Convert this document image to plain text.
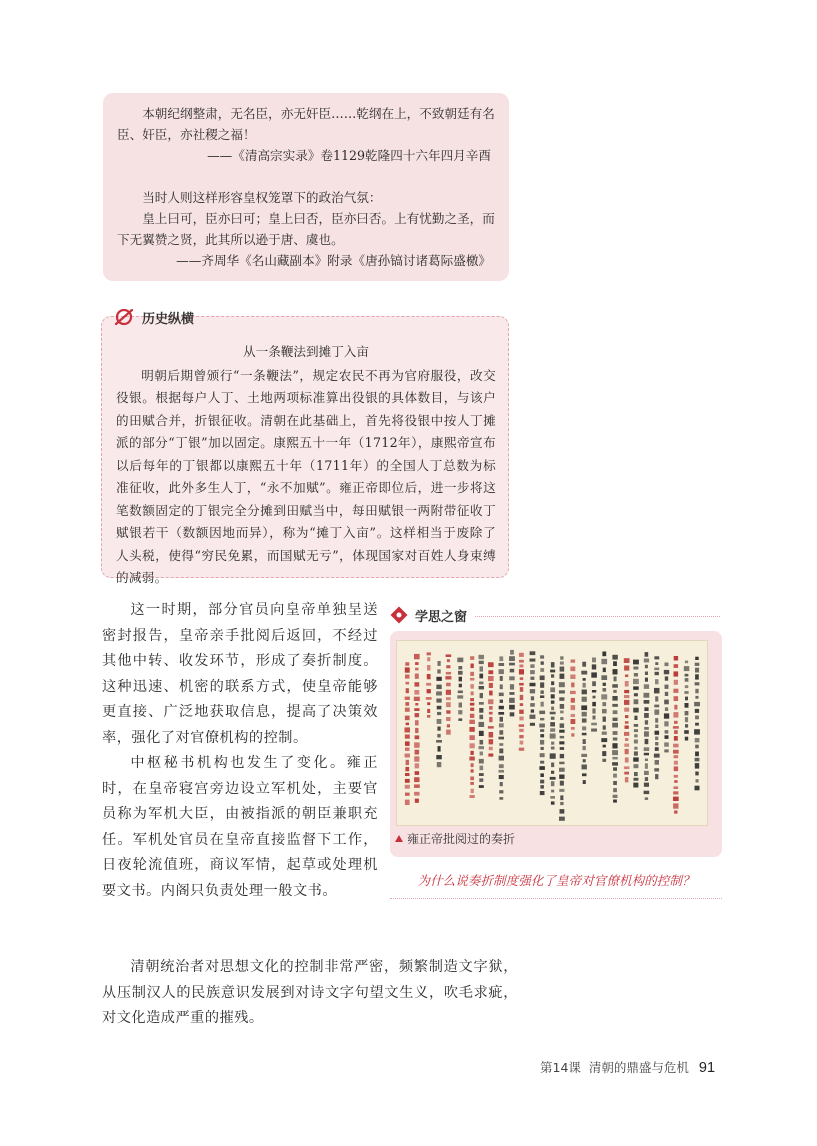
本朝纪纲整肃，无名臣，亦无奸臣……乾纲在上，不致朝廷有名臣、奸臣，亦社稷之福！

——《清高宗实录》卷1129乾隆四十六年四月辛酉

当时人则这样形容皇权笼罩下的政治气氛：

皇上曰可，臣亦曰可；皇上曰否，臣亦曰否。上有忧勤之圣，而下无翼赞之贤，此其所以逊于唐、虞也。

——齐周华《名山藏副本》附录《唐孙镐讨诸葛际盛檄》

从一条鞭法到摊丁入亩

明朝后期曾颁行“一条鞭法”，规定农民不再为官府服役，改交役银。根据每户人丁、土地两项标准算出役银的具体数目，与该户的田赋合并，折银征收。清朝在此基础上，首先将役银中按人丁摊派的部分“丁银”加以固定。康熙五十一年（1712年），康熙帝宣布以后每年的丁银都以康熙五十年（1711年）的全国人丁总数为标准征收，此外多生人丁，“永不加赋”。雍正帝即位后，进一步将这笔数额固定的丁银完全分摊到田赋当中，每田赋银一两附带征收丁赋银若干（数额因地而异），称为“摊丁入亩”。这样相当于废除了人头税，使得“穷民免累，而国赋无亏”，体现国家对百姓人身束缚的减弱。

历史纵横

这一时期，部分官员向皇帝单独呈送密封报告，皇帝亲手批阅后返回，不经过其他中转、收发环节，形成了奏折制度。这种迅速、机密的联系方式，使皇帝能够更直接、广泛地获取信息，提高了决策效率，强化了对官僚机构的控制。

中枢秘书机构也发生了变化。雍正时，在皇帝寝宫旁边设立军机处，主要官员称为军机大臣，由被指派的朝臣兼职充任。军机处官员在皇帝直接监督下工作，日夜轮流值班，商议军情，起草或处理机要文书。内阁只负责处理一般文书。

学思之窗
雍正帝批阅过的奏折
为什么说奏折制度强化了皇帝对官僚机构的控制？

清朝统治者对思想文化的控制非常严密，频繁制造文字狱，从压制汉人的民族意识发展到对诗文字句望文生义，吹毛求疵，对文化造成严重的摧残。

第14课 清朝的鼎盛与危机 91
